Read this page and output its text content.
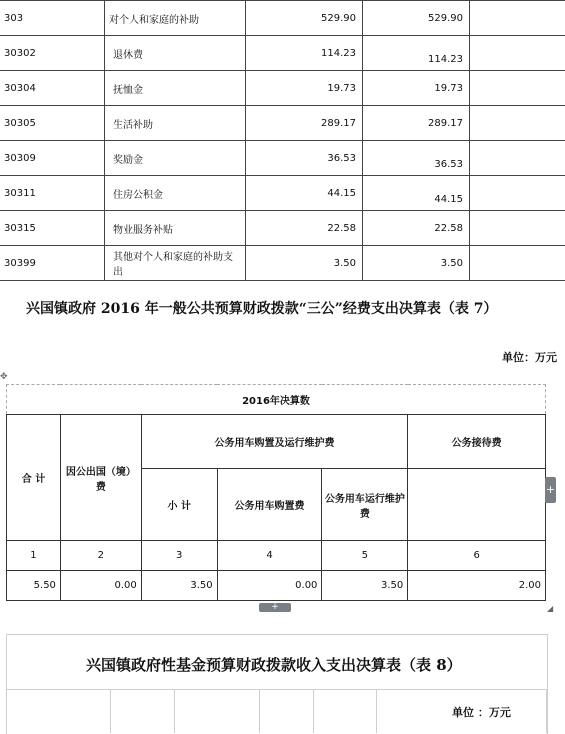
303	对个人和家庭的补助	529.90	529.90	
30302	退休费	114.23	114.23	
30304	抚恤金	19.73	19.73	
30305	生活补助	289.17	289.17	
30309	奖励金	36.53	36.53	
30311	住房公积金	44.15	44.15	
30315	物业服务补贴	22.58	22.58	
30399	其他对个人和家庭的补助支出	3.50	3.50	
兴国镇政府 2016 年一般公共预算财政拨款“三公”经费支出决算表（表 7）
单位：万元
✥
2016年决算数					
合 计	因公出国（境）费	公务用车购置及运行维护费			公务接待费
		小 计	公务用车购置费	公务用车运行维护费	
1	2	3	4	5	6
5.50	0.00	3.50	0.00	3.50	2.00
+
+	◢
兴国镇政府性基金预算财政拨款收入支出决算表（表 8）
单位 ：万元
